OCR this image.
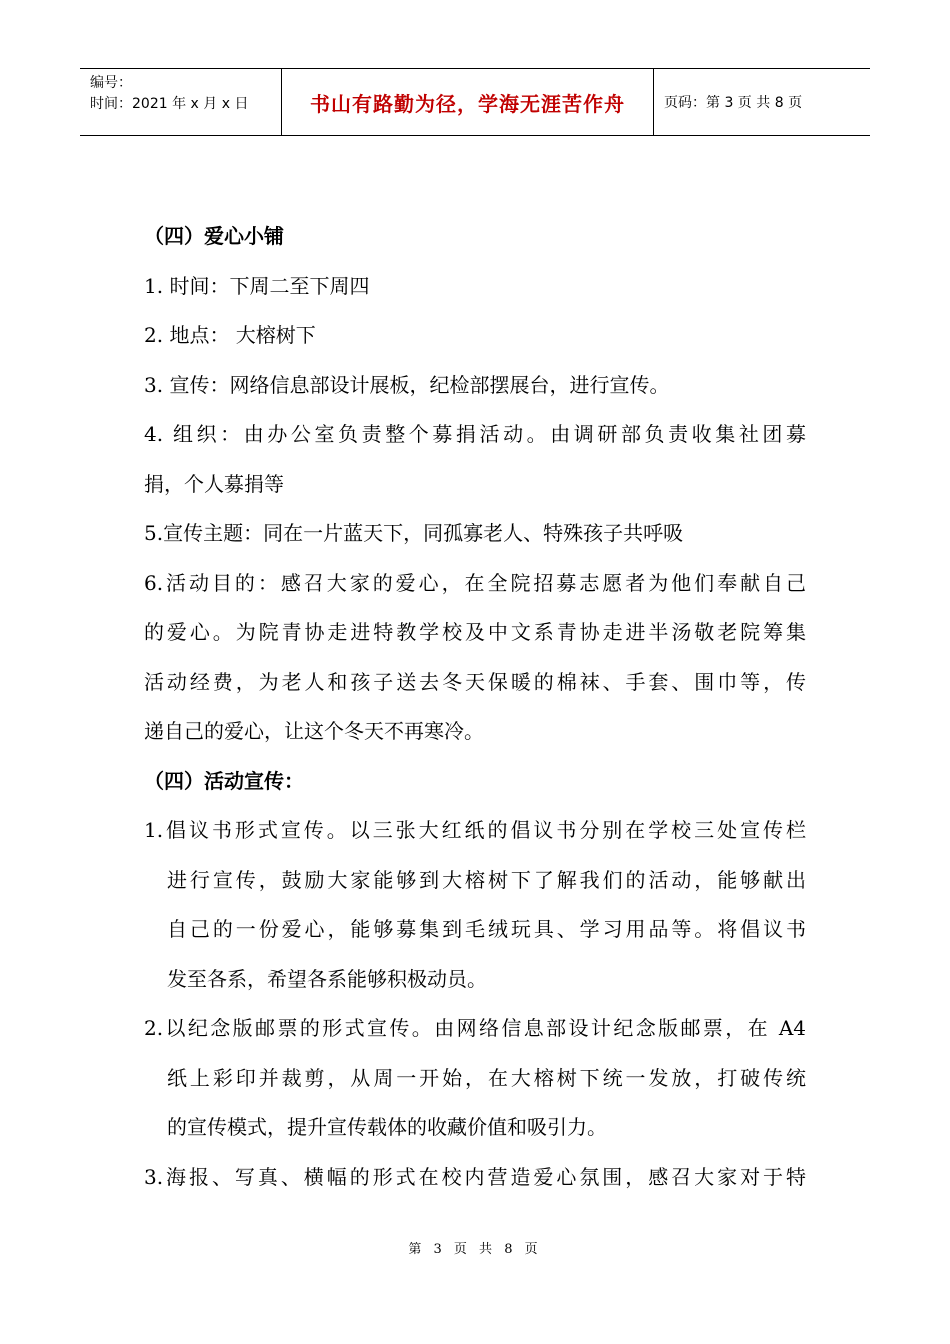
编号：
时间：2021 年 x 月 x 日	书山有路勤为径，学海无涯苦作舟	页码：第 3 页 共 8 页
（四）爱心小铺
1. 时间：下周二至下周四
2. 地点： 大榕树下
3. 宣传：网络信息部设计展板，纪检部摆展台，进行宣传。
4. 组织：由办公室负责整个募捐活动。由调研部负责收集社团募
捐，个人募捐等
5.宣传主题：同在一片蓝天下，同孤寡老人、特殊孩子共呼吸
6.活动目的：感召大家的爱心，在全院招募志愿者为他们奉献自己
的爱心。为院青协走进特教学校及中文系青协走进半汤敬老院筹集
活动经费，为老人和孩子送去冬天保暖的棉袜、手套、围巾等，传
递自己的爱心，让这个冬天不再寒冷。
（四）活动宣传：
1.倡议书形式宣传。以三张大红纸的倡议书分别在学校三处宣传栏
进行宣传，鼓励大家能够到大榕树下了解我们的活动，能够献出
自己的一份爱心，能够募集到毛绒玩具、学习用品等。将倡议书
发至各系，希望各系能够积极动员。
2.以纪念版邮票的形式宣传。由网络信息部设计纪念版邮票，在 A4
纸上彩印并裁剪，从周一开始，在大榕树下统一发放，打破传统
的宣传模式，提升宣传载体的收藏价值和吸引力。
3.海报、写真、横幅的形式在校内营造爱心氛围，感召大家对于特
第 3 页 共 8 页
